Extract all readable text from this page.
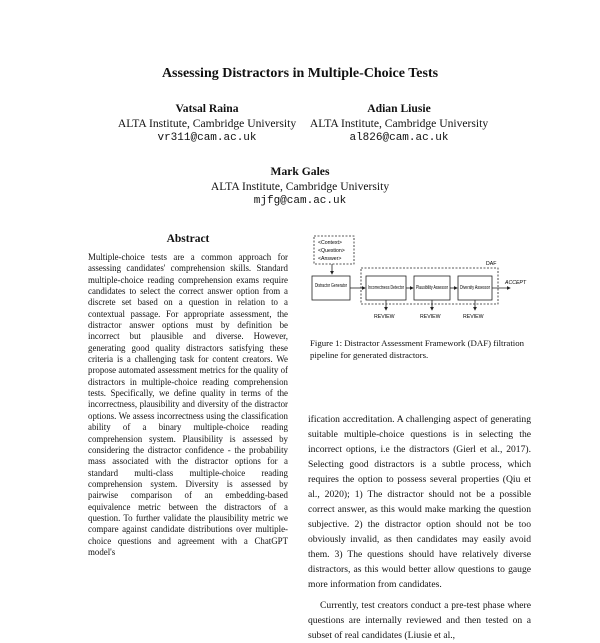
Assessing Distractors in Multiple-Choice Tests
Vatsal Raina
ALTA Institute, Cambridge University
vr311@cam.ac.uk
Adian Liusie
ALTA Institute, Cambridge University
al826@cam.ac.uk
Mark Gales
ALTA Institute, Cambridge University
mjfg@cam.ac.uk
Abstract

Multiple-choice tests are a common approach for assessing candidates' comprehension skills. Standard multiple-choice reading comprehension exams require candidates to select the correct answer option from a discrete set based on a question in relation to a contextual passage. For appropriate assessment, the distractor answer options must by definition be incorrect but plausible and diverse. However, generating good quality distractors satisfying these criteria is a challenging task for content creators. We propose automated assessment metrics for the quality of distractors in multiple-choice reading comprehension tests. Specifically, we define quality in terms of the incorrectness, plausibility and diversity of the distractor options. We assess incorrectness using the classification ability of a binary multiple-choice reading comprehension system. Plausibility is assessed by considering the distractor confidence - the probability mass associated with the distractor options for a standard multi-class multiple-choice reading comprehension system. Diversity is assessed by pairwise comparison of an embedding-based equivalence metric between the distractors of a question. To further validate the plausibility metric we compare against candidate distributions over multiple-choice questions and agreement with a ChatGPT model's

<Context>
<Question>
<Answer>
DAF
Distractor Generator	Incorrectness Detector Plausibility Assessor Diversity Assessor
ACCEPT
REVIEW	REVIEW	REVIEW

Figure 1: Distractor Assessment Framework (DAF) filtration pipeline for generated distractors.

ification accreditation. A challenging aspect of generating suitable multiple-choice questions is in selecting the incorrect options, i.e the distractors (Gierl et al., 2017). Selecting good distractors is a subtle process, which requires the option to possess several properties (Qiu et al., 2020); 1) The distractor should not be a possible correct answer, as this would make marking the question subjective. 2) the distractor option should not be too obviously invalid, as then candidates may easily avoid them. 3) The questions should have relatively diverse distractors, as this would better allow questions to gauge more information from candidates.

Currently, test creators conduct a pre-test phase where questions are internally reviewed and then tested on a subset of real candidates (Liusie et al.,
